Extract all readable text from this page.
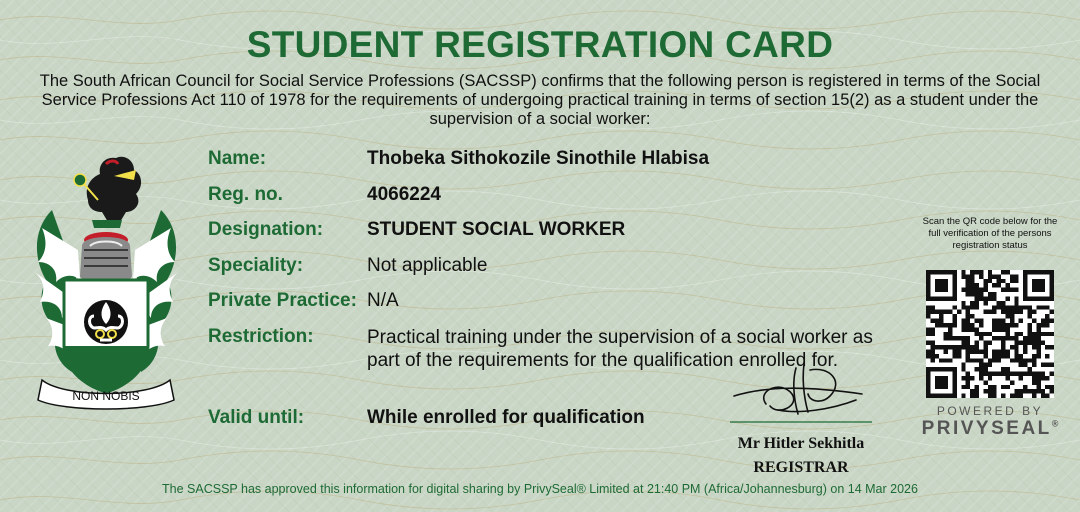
STUDENT REGISTRATION CARD
The South African Council for Social Service Professions (SACSSP) confirms that the following person is registered in terms of the Social Service Professions Act 110 of 1978 for the requirements of undergoing practical training in terms of section 15(2) as a student under the supervision of a social worker:
NON NOBIS
Name:	Thobeka Sithokozile Sinothile Hlabisa
Reg. no.	4066224
Designation: STUDENT SOCIAL WORKER
Speciality:	Not applicable
Private Practice: N/A
Restriction:	Practical training under the supervision of a social worker as part of the requirements for the qualification enrolled for.
Valid until:	While enrolled for qualification
Mr Hitler Sekhitla
REGISTRAR
Scan the QR code below for the full verification of the persons registration status
POWERED BY
PRIVYSEAL®
The SACSSP has approved this information for digital sharing by PrivySeal® Limited at 21:40 PM (Africa/Johannesburg) on 14 Mar 2026
